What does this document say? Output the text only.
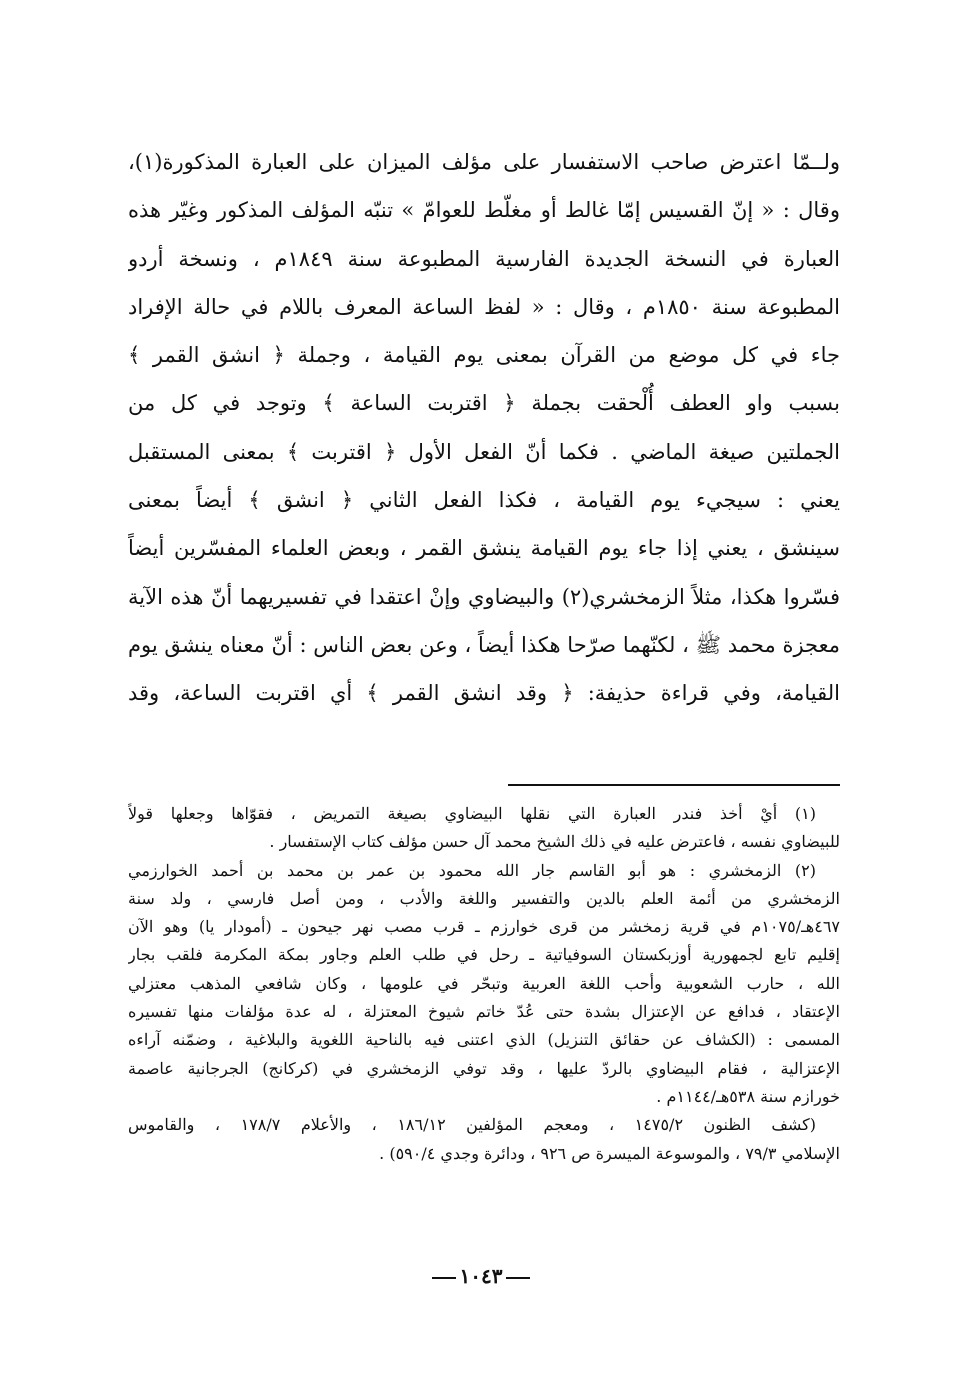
ولــمّا اعترض صاحب الاستفسار على مؤلف الميزان على العبارة المذكورة(١)،
وقال : « إنّ القسيس إمّا غالط أو مغلّط للعوامّ » تنبّه المؤلف المذكور وغيّر هذه
العبارة في النسخة الجديدة الفارسية المطبوعة سنة ١٨٤٩م ، ونسخة أردو
المطبوعة سنة ١٨٥٠م ، وقال : « لفظ الساعة المعرف باللام في حالة الإفراد
جاء في كل موضع من القرآن بمعنى يوم القيامة ، وجملة ﴿ انشق القمر ﴾
بسبب واو العطف أُلْحقت بجملة ﴿ اقتربت الساعة ﴾ وتوجد في كل من
الجملتين صيغة الماضي . فكما أنّ الفعل الأول ﴿ اقتربت ﴾ بمعنى المستقبل
يعني : سيجيء يوم القيامة ، فكذا الفعل الثاني ﴿ انشق ﴾ أيضاً بمعنى
سينشق ، يعني إذا جاء يوم القيامة ينشق القمر ، وبعض العلماء المفسّرين أيضاً
فسّروا هكذا، مثلاً الزمخشري(٢) والبيضاوي وإنْ اعتقدا في تفسيريهما أنّ هذه الآية
معجزة محمد ﷺ ، لكنّهما صرّحا هكذا أيضاً ، وعن بعض الناس : أنّ معناه ينشق يوم
القيامة، وفي قراءة حذيفة: ﴿ وقد انشق القمر ﴾ أي اقتربت الساعة، وقد
(١) أيْ أخذ فندر العبارة التي نقلها البيضاوي بصيغة التمريض ، فقوّاها وجعلها قولاً
للبيضاوي نفسه ، فاعترض عليه في ذلك الشيخ محمد آل حسن مؤلف كتاب الإستفسار .
(٢) الزمخشري : هو أبو القاسم جار الله محمود بن عمر بن محمد بن أحمد الخوارزمي
الزمخشري من أئمة العلم بالدين والتفسير واللغة والأدب ، ومن أصل فارسي ، ولد سنة
٤٦٧هـ/١٠٧٥م في قرية زمخشر من قرى خوارزم ـ قرب مصب نهر جيحون ـ (أمودار يا) وهو الآن
إقليم تابع لجمهورية أوزبكستان السوفياتية ـ رحل في طلب العلم وجاور بمكة المكرمة فلقب بجار
الله ، حارب الشعوبية وأحب اللغة العربية وتبحّر في علومها ، وكان شافعي المذهب معتزلي
الإعتقاد ، فدافع عن الإعتزال بشدة حتى عُدّ خاتم شيوخ المعتزلة ، له عدة مؤلفات منها تفسيره
المسمى : (الكشاف عن حقائق التنزيل) الذي اعتنى فيه بالناحية اللغوية والبلاغية ، وضمّنه آراءه
الإعتزالية ، فقام البيضاوي بالردّ عليها ، وقد توفي الزمخشري في (كركانج) الجرجانية عاصمة
خورازم سنة ٥٣٨هـ/١١٤٤م .
(كشف الظنون ١٤٧٥/٢ ، ومعجم المؤلفين ١٨٦/١٢ ، والأعلام ١٧٨/٧ ، والقاموس
الإسلامي ٧٩/٣ ، والموسوعة الميسرة ص ٩٢٦ ، ودائرة وجدي ٥٩٠/٤) .
١٠٤٣
